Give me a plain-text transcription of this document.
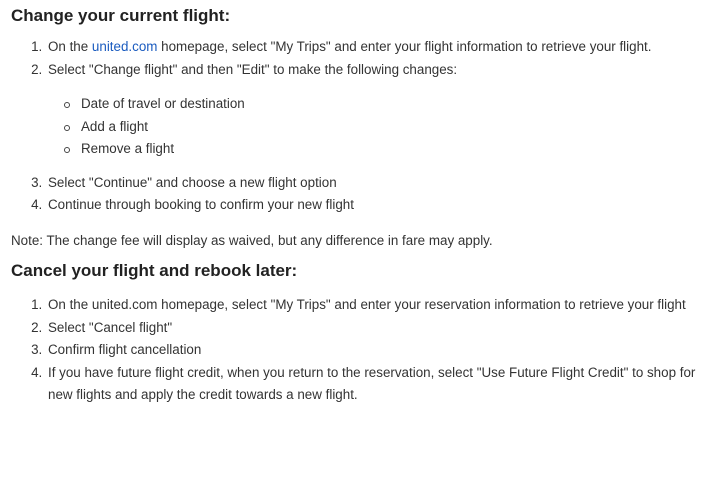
Change your current flight:
1. On the united.com homepage, select "My Trips" and enter your flight information to retrieve your flight.
2. Select "Change flight" and then "Edit" to make the following changes:
Date of travel or destination
Add a flight
Remove a flight
3. Select "Continue" and choose a new flight option
4. Continue through booking to confirm your new flight

Note: The change fee will display as waived, but any difference in fare may apply.

Cancel your flight and rebook later:
1. On the united.com homepage, select "My Trips" and enter your reservation information to retrieve your flight
2. Select "Cancel flight"
3. Confirm flight cancellation
4. If you have future flight credit, when you return to the reservation, select "Use Future Flight Credit" to shop for new flights and apply the credit towards a new flight.
